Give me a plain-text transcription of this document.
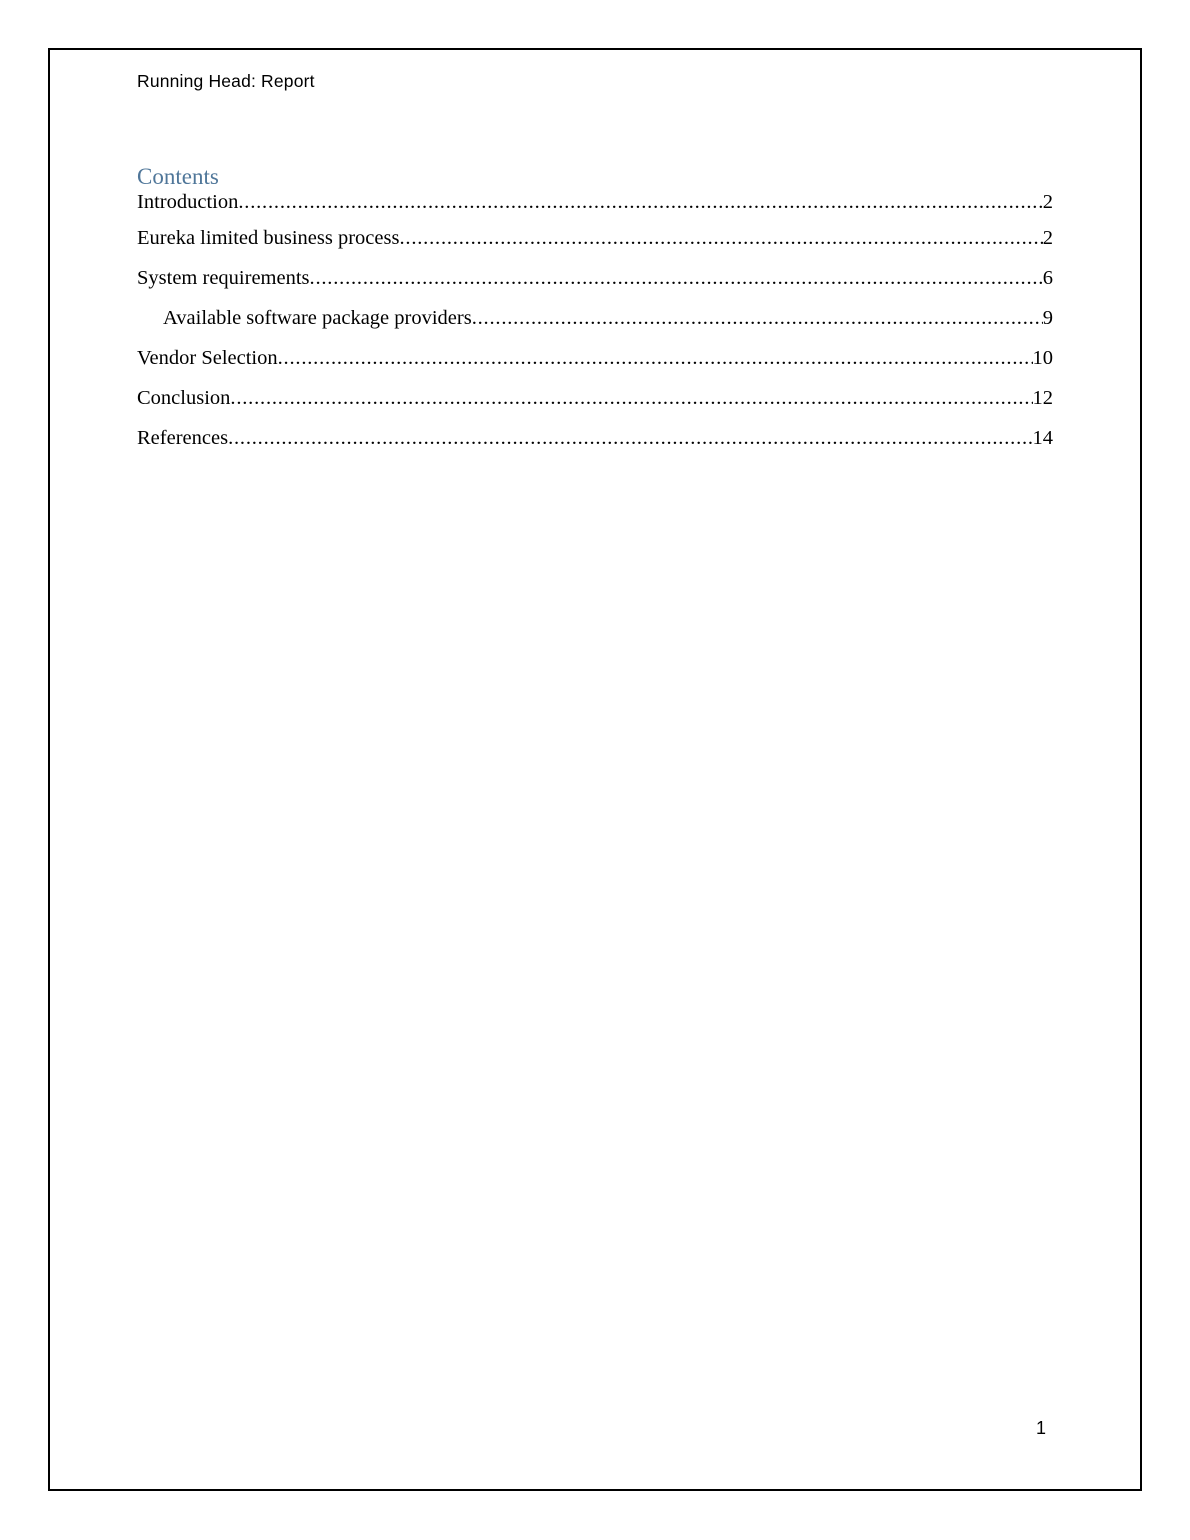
Running Head: Report
Contents
Introduction .....	2
Eureka limited business process .....	2
System requirements .....	6
Available software package providers .....	9
Vendor Selection .....	10
Conclusion .....	12
References .....	14
1
